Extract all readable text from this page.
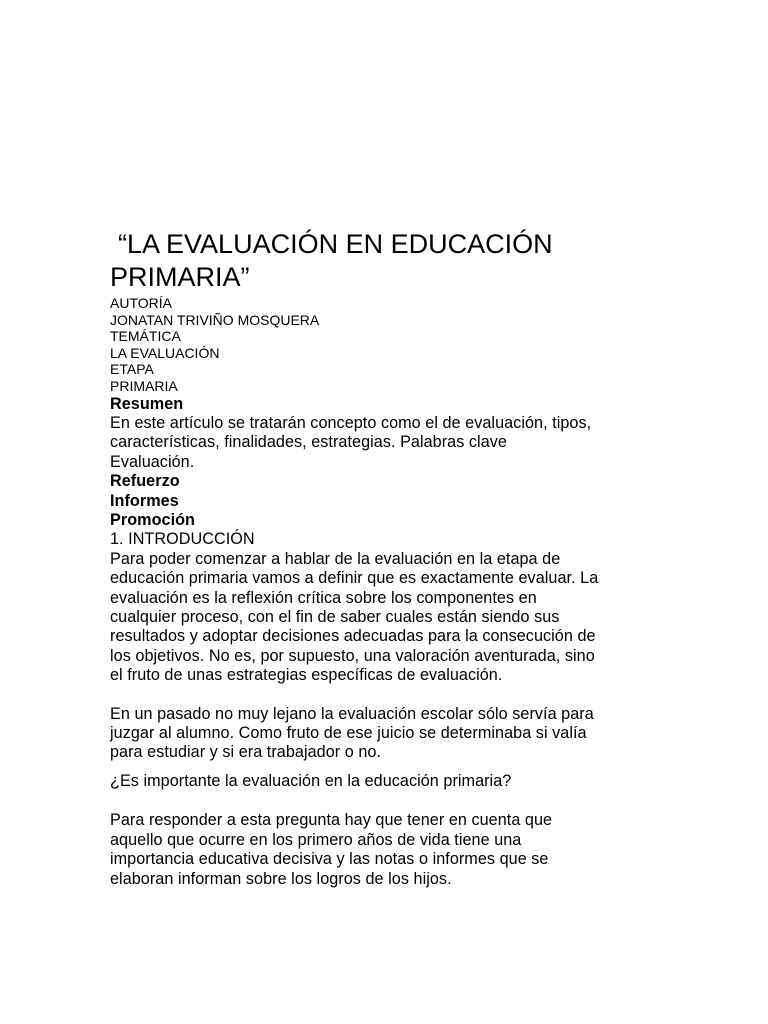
“LA EVALUACIÓN EN EDUCACIÓN
PRIMARIA”
AUTORÍA
JONATAN TRIVIÑO MOSQUERA
TEMÁTICA
LA EVALUACIÓN
ETAPA
PRIMARIA
Resumen
En este artículo se tratarán concepto como el de evaluación, tipos,
características, finalidades, estrategias. Palabras clave
Evaluación.
Refuerzo
Informes
Promoción
1. INTRODUCCIÓN
Para poder comenzar a hablar de la evaluación en la etapa de
educación primaria vamos a definir que es exactamente evaluar. La
evaluación es la reflexión crítica sobre los componentes en
cualquier proceso, con el fin de saber cuales están siendo sus
resultados y adoptar decisiones adecuadas para la consecución de
los objetivos. No es, por supuesto, una valoración aventurada, sino
el fruto de unas estrategias específicas de evaluación.
En un pasado no muy lejano la evaluación escolar sólo servía para
juzgar al alumno. Como fruto de ese juicio se determinaba si valía
para estudiar y si era trabajador o no.
¿Es importante la evaluación en la educación primaria?
Para responder a esta pregunta hay que tener en cuenta que
aquello que ocurre en los primero años de vida tiene una
importancia educativa decisiva y las notas o informes que se
elaboran informan sobre los logros de los hijos.
